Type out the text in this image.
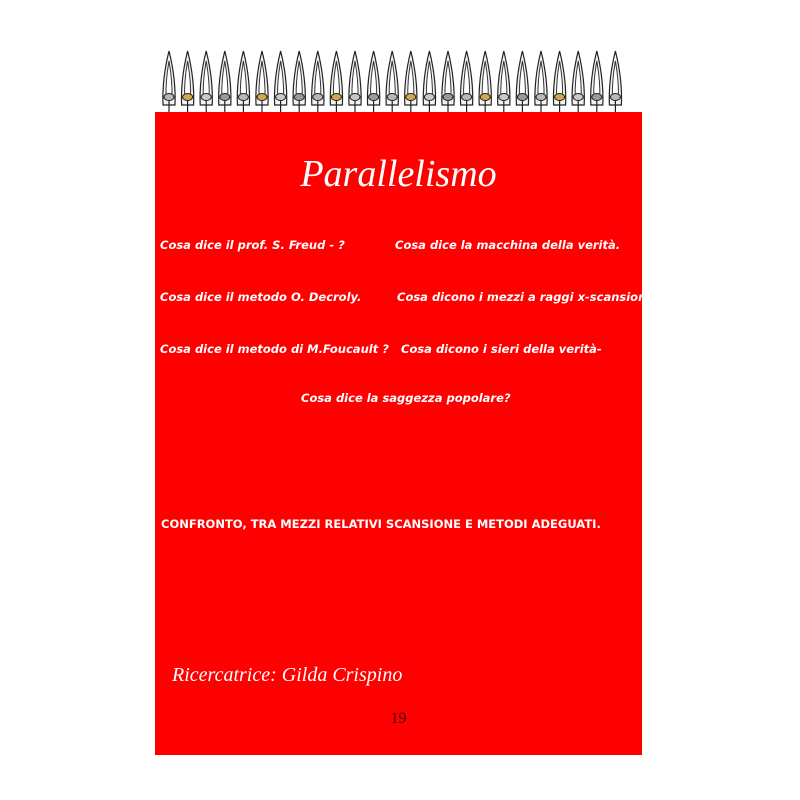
Parallelismo
Cosa dice il prof. S. Freud - ?	Cosa dice la macchina della verità.
Cosa dice il metodo O. Decroly.	Cosa dicono i mezzi a raggi x-scansione?
Cosa dice il metodo di M.Foucault ? Cosa dicono i sieri della verità-
Cosa dice la saggezza popolare?
CONFRONTO, TRA MEZZI RELATIVI SCANSIONE E METODI ADEGUATI.
Ricercatrice: Gilda Crispino
19
